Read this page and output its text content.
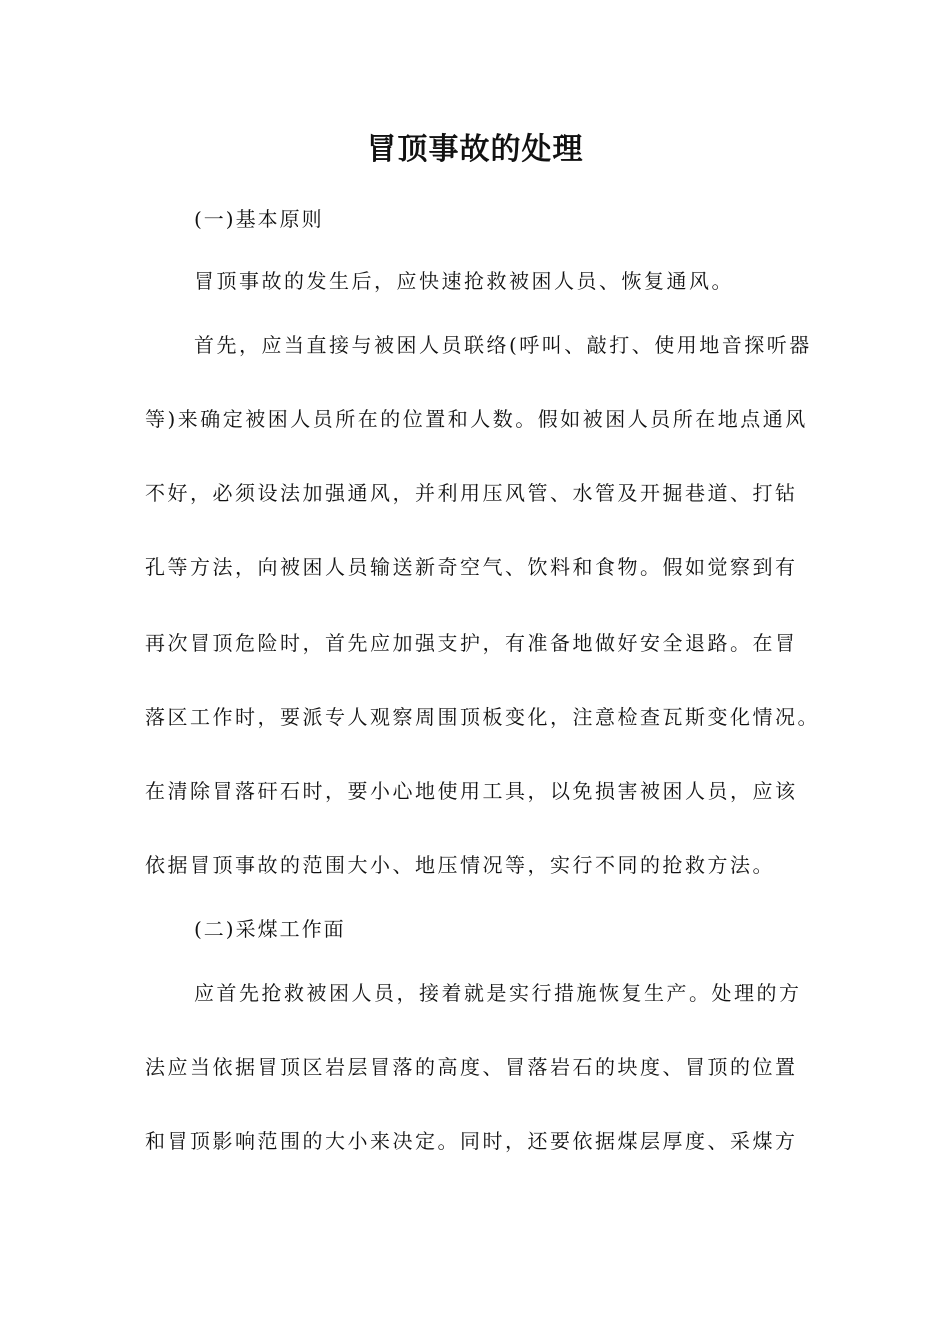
冒顶事故的处理
(一)基本原则
冒顶事故的发生后，应快速抢救被困人员、恢复通风。
首先，应当直接与被困人员联络(呼叫、敲打、使用地音探听器
等)来确定被困人员所在的位置和人数。假如被困人员所在地点通风
不好，必须设法加强通风，并利用压风管、水管及开掘巷道、打钻
孔等方法，向被困人员输送新奇空气、饮料和食物。假如觉察到有
再次冒顶危险时，首先应加强支护，有准备地做好安全退路。在冒
落区工作时，要派专人观察周围顶板变化，注意检查瓦斯变化情况。
在清除冒落矸石时，要小心地使用工具，以免损害被困人员，应该
依据冒顶事故的范围大小、地压情况等，实行不同的抢救方法。
(二)采煤工作面
应首先抢救被困人员，接着就是实行措施恢复生产。处理的方
法应当依据冒顶区岩层冒落的高度、冒落岩石的块度、冒顶的位置
和冒顶影响范围的大小来决定。同时，还要依据煤层厚度、采煤方
